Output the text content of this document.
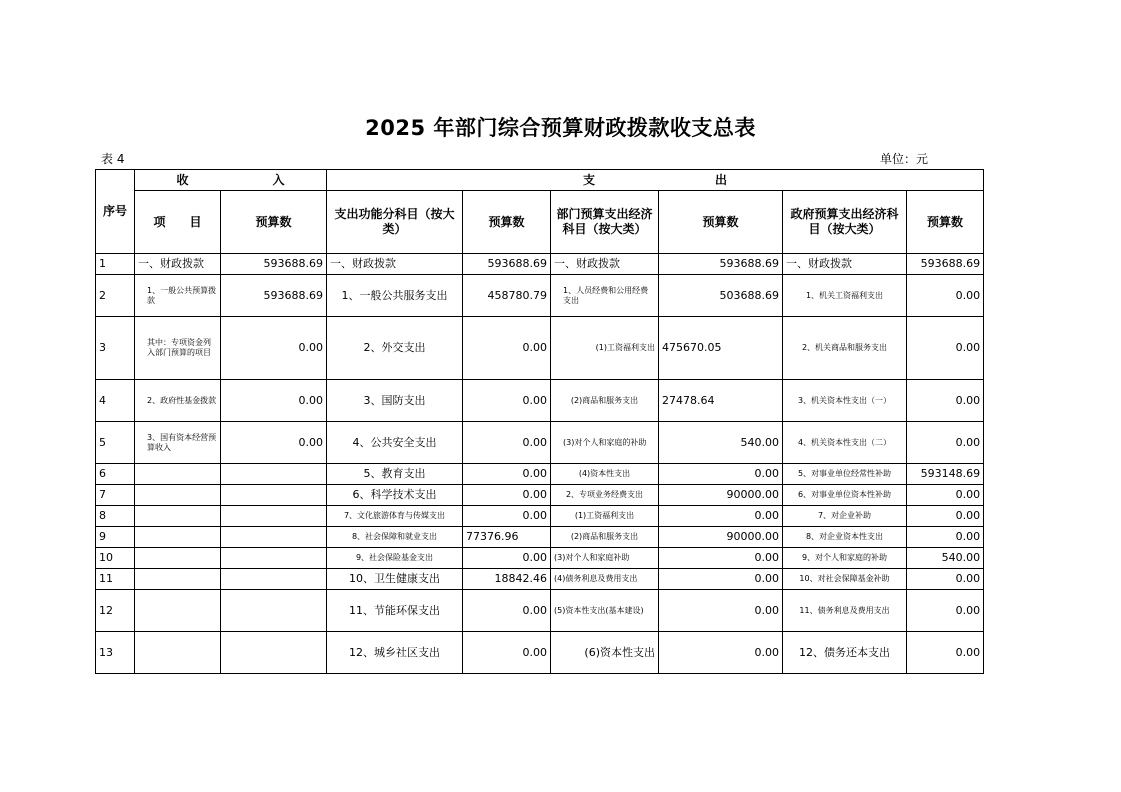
2025 年部门综合预算财政拨款收支总表
表 4	单位：元
序号	收　　　　　　　入		支　　　　　　　　　　出					
	项　　目	预算数	支出功能分科目（按大类）	预算数	部门预算支出经济科目（按大类）	预算数	政府预算支出经济科目（按大类）	预算数
1	一、财政拨款	593688.69	一、财政拨款	593688.69	一、财政拨款	593688.69	一、财政拨款	593688.69
2	1、一般公共预算拨款	593688.69	1、一般公共服务支出	458780.79	1、人员经费和公用经费支出	503688.69	1、机关工资福利支出	0.00
3	其中：专项资金列入部门预算的项目	0.00	2、外交支出	0.00	(1)工资福利支出	475670.05	2、机关商品和服务支出	0.00
4	2、政府性基金拨款	0.00	3、国防支出	0.00	(2)商品和服务支出	27478.64	3、机关资本性支出（一）	0.00
5	3、国有资本经营预算收入	0.00	4、公共安全支出	0.00	(3)对个人和家庭的补助	540.00	4、机关资本性支出（二）	0.00
6			5、教育支出	0.00	(4)资本性支出	0.00	5、对事业单位经常性补助	593148.69
7			6、科学技术支出	0.00	2、专项业务经费支出	90000.00	6、对事业单位资本性补助	0.00
8			7、文化旅游体育与传媒支出	0.00	(1)工资福利支出	0.00	7、对企业补助	0.00
9			8、社会保障和就业支出	77376.96	(2)商品和服务支出	90000.00	8、对企业资本性支出	0.00
10			9、社会保险基金支出	0.00	(3)对个人和家庭补助	0.00	9、对个人和家庭的补助	540.00
11			10、卫生健康支出	18842.46	(4)债务利息及费用支出	0.00	10、对社会保障基金补助	0.00
12			11、节能环保支出	0.00	(5)资本性支出(基本建设)	0.00	11、债务利息及费用支出	0.00
13			12、城乡社区支出	0.00	(6)资本性支出	0.00	12、债务还本支出	0.00
